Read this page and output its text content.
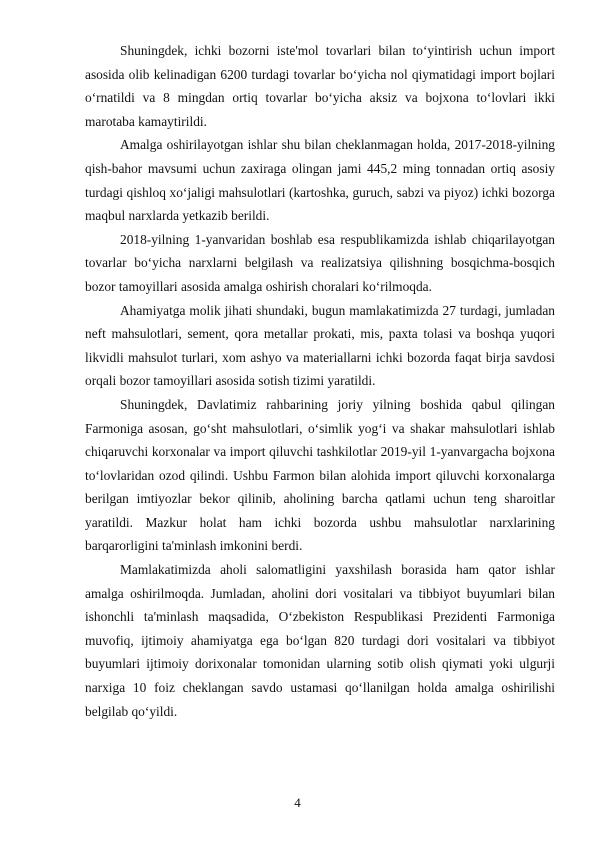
Shuningdek, ichki bozorni iste'mol tovarlari bilan to‘yintirish uchun import asosida olib kelinadigan 6200 turdagi tovarlar bo‘yicha nol qiymatidagi import bojlari o‘rnatildi va 8 mingdan ortiq tovarlar bo‘yicha aksiz va bojxona to‘lovlari ikki marotaba kamaytirildi.

Amalga oshirilayotgan ishlar shu bilan cheklanmagan holda, 2017-2018-yilning qish-bahor mavsumi uchun zaxiraga olingan jami 445,2 ming tonnadan ortiq asosiy turdagi qishloq xo‘jaligi mahsulotlari (kartoshka, guruch, sabzi va piyoz) ichki bozorga maqbul narxlarda yetkazib berildi.

2018-yilning 1-yanvaridan boshlab esa respublikamizda ishlab chiqarilayotgan tovarlar bo‘yicha narxlarni belgilash va realizatsiya qilishning bosqichma-bosqich bozor tamoyillari asosida amalga oshirish choralari ko‘rilmoqda.

Ahamiyatga molik jihati shundaki, bugun mamlakatimizda 27 turdagi, jumladan neft mahsulotlari, sement, qora metallar prokati, mis, paxta tolasi va boshqa yuqori likvidli mahsulot turlari, xom ashyo va materiallarni ichki bozorda faqat birja savdosi orqali bozor tamoyillari asosida sotish tizimi yaratildi.

Shuningdek, Davlatimiz rahbarining joriy yilning boshida qabul qilingan Farmoniga asosan, go‘sht mahsulotlari, o‘simlik yog‘i va shakar mahsulotlari ishlab chiqaruvchi korxonalar va import qiluvchi tashkilotlar 2019-yil 1-yanvargacha bojxona to‘lovlaridan ozod qilindi. Ushbu Farmon bilan alohida import qiluvchi korxonalarga berilgan imtiyozlar bekor qilinib, aholining barcha qatlami uchun teng sharoitlar yaratildi. Mazkur holat ham ichki bozorda ushbu mahsulotlar narxlarining barqarorligini ta'minlash imkonini berdi.

Mamlakatimizda aholi salomatligini yaxshilash borasida ham qator ishlar amalga oshirilmoqda. Jumladan, aholini dori vositalari va tibbiyot buyumlari bilan ishonchli ta'minlash maqsadida, O‘zbekiston Respublikasi Prezidenti Farmoniga muvofiq, ijtimoiy ahamiyatga ega bo‘lgan 820 turdagi dori vositalari va tibbiyot buyumlari ijtimoiy dorixonalar tomonidan ularning sotib olish qiymati yoki ulgurji narxiga 10 foiz cheklangan savdo ustamasi qo‘llanilgan holda amalga oshirilishi belgilab qo‘yildi.

4
